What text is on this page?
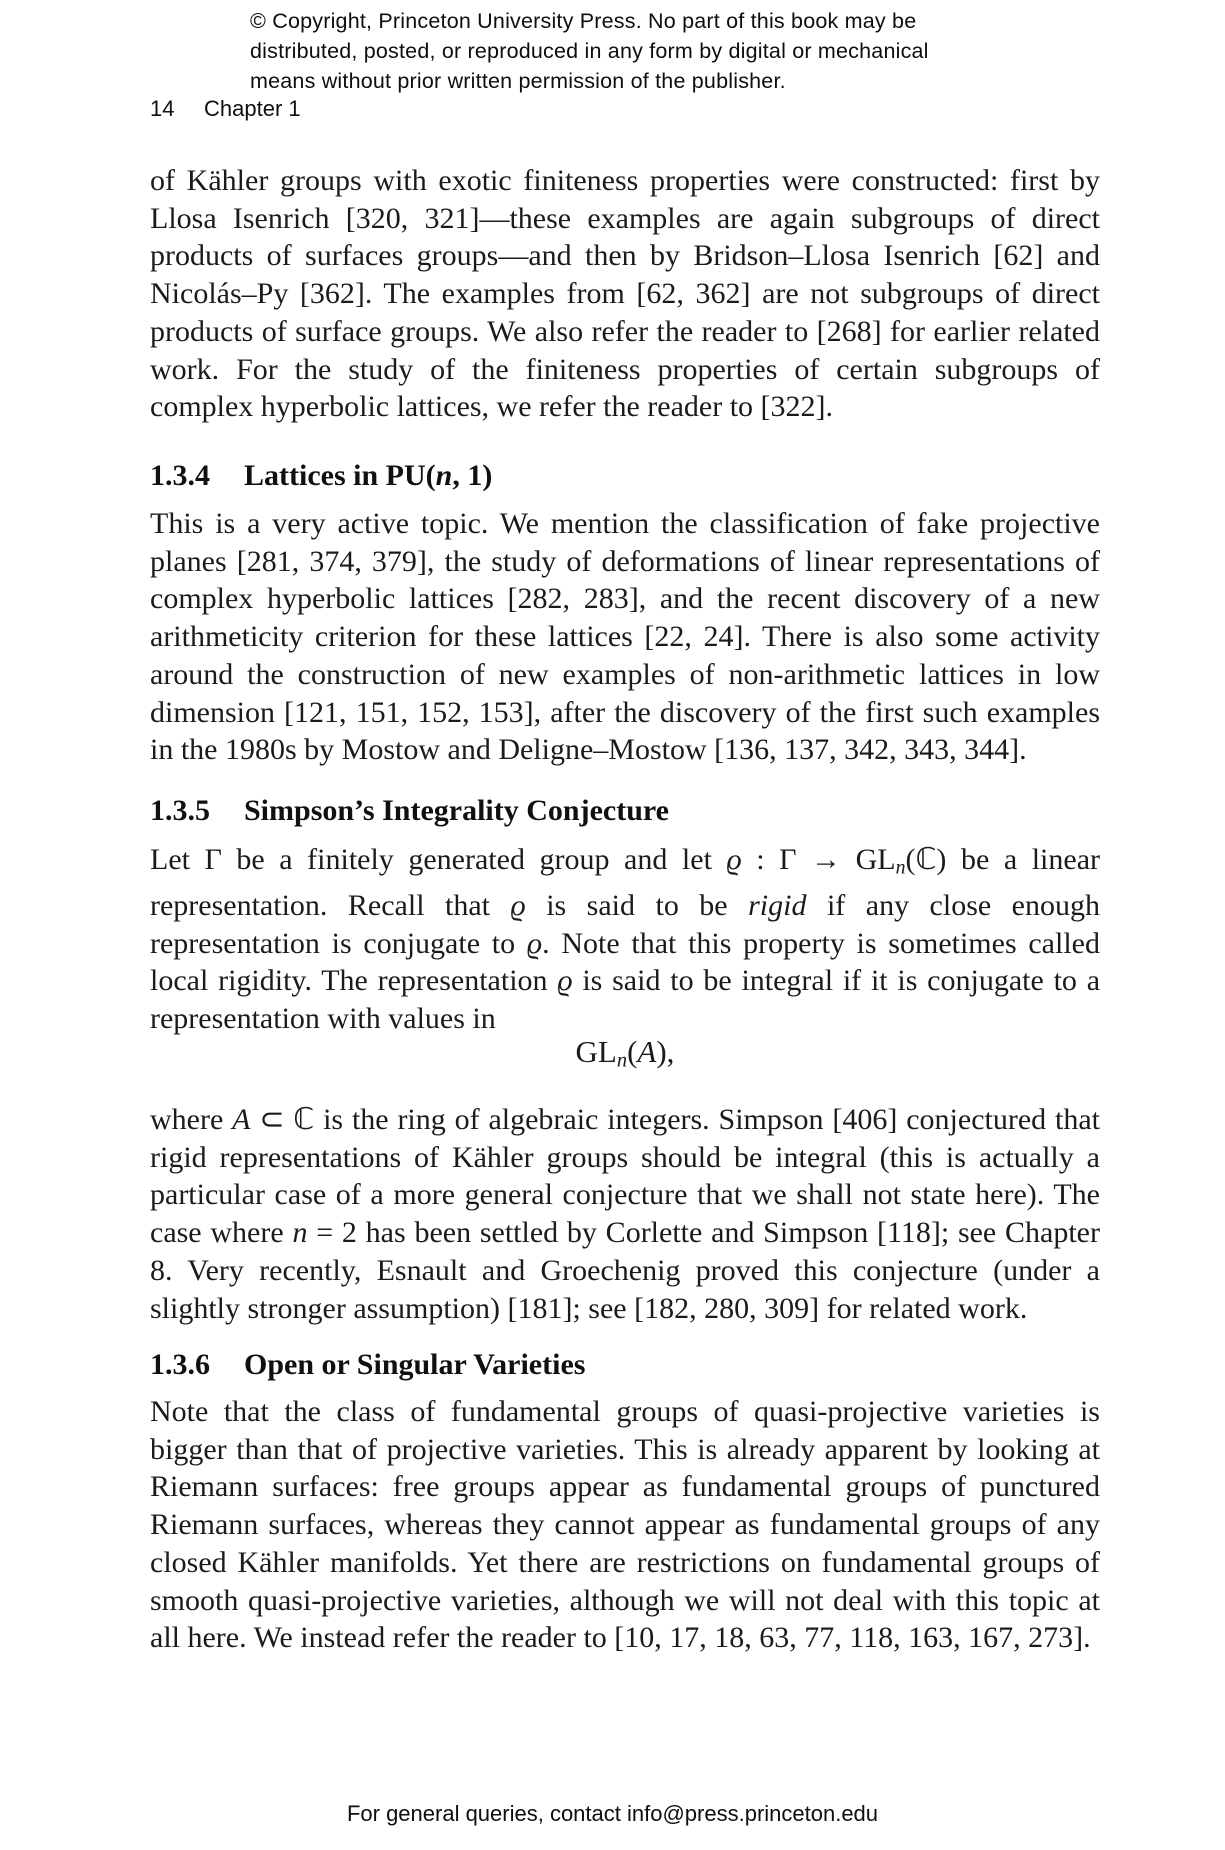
© Copyright, Princeton University Press. No part of this book may be
distributed, posted, or reproduced in any form by digital or mechanical
means without prior written permission of the publisher.
14 Chapter 1
of Kähler groups with exotic finiteness properties were constructed: first by Llosa Isenrich [320, 321]—these examples are again subgroups of direct products of surfaces groups—and then by Bridson–Llosa Isenrich [62] and Nicolás–Py [362]. The examples from [62, 362] are not subgroups of direct products of surface groups. We also refer the reader to [268] for earlier related work. For the study of the finiteness properties of certain subgroups of complex hyperbolic lattices, we refer the reader to [322].
1.3.4 Lattices in PU(n, 1)
This is a very active topic. We mention the classification of fake projective planes [281, 374, 379], the study of deformations of linear representations of complex hyperbolic lattices [282, 283], and the recent discovery of a new arithmeticity criterion for these lattices [22, 24]. There is also some activity around the construction of new examples of non-arithmetic lattices in low dimension [121, 151, 152, 153], after the discovery of the first such examples in the 1980s by Mostow and Deligne–Mostow [136, 137, 342, 343, 344].
1.3.5 Simpson’s Integrality Conjecture
Let Γ be a finitely generated group and let ϱ : Γ → GLn(ℂ) be a linear representation. Recall that ϱ is said to be rigid if any close enough representation is conjugate to ϱ. Note that this property is sometimes called local rigidity. The representation ϱ is said to be integral if it is conjugate to a representation with values in
GLn(A),
where A ⊂ ℂ is the ring of algebraic integers. Simpson [406] conjectured that rigid representations of Kähler groups should be integral (this is actually a particular case of a more general conjecture that we shall not state here). The case where n = 2 has been settled by Corlette and Simpson [118]; see Chapter 8. Very recently, Esnault and Groechenig proved this conjecture (under a slightly stronger assumption) [181]; see [182, 280, 309] for related work.
1.3.6 Open or Singular Varieties
Note that the class of fundamental groups of quasi-projective varieties is bigger than that of projective varieties. This is already apparent by looking at Riemann surfaces: free groups appear as fundamental groups of punctured Riemann surfaces, whereas they cannot appear as fundamental groups of any closed Kähler manifolds. Yet there are restrictions on fundamental groups of smooth quasi-projective varieties, although we will not deal with this topic at all here. We instead refer the reader to [10, 17, 18, 63, 77, 118, 163, 167, 273].
For general queries, contact info@press.princeton.edu
